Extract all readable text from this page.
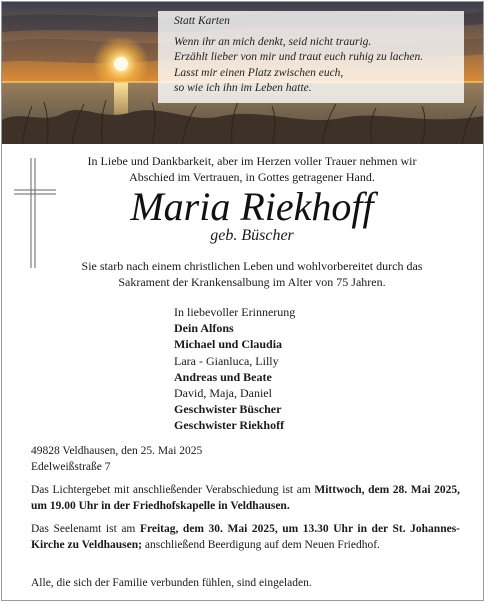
Statt Karten
Wenn ihr an mich denkt, seid nicht traurig.
Erzählt lieber von mir und traut euch ruhig zu lachen.
Lasst mir einen Platz zwischen euch,
so wie ich ihn im Leben hatte.
In Liebe und Dankbarkeit, aber im Herzen voller Trauer nehmen wir
Abschied im Vertrauen, in Gottes getragener Hand.
Maria Riekhoff
geb. Büscher
Sie starb nach einem christlichen Leben und wohlvorbereitet durch das
Sakrament der Krankensalbung im Alter von 75 Jahren.
In liebevoller Erinnerung
Dein Alfons
Michael und Claudia
Lara - Gianluca, Lilly
Andreas und Beate
David, Maja, Daniel
Geschwister Büscher
Geschwister Riekhoff
49828 Veldhausen, den 25. Mai 2025
Edelweißstraße 7
Das Lichtergebet mit anschließender Verabschiedung ist am Mittwoch, dem 28. Mai 2025, um 19.00 Uhr in der Friedhofskapelle in Veldhausen.
Das Seelenamt ist am Freitag, dem 30. Mai 2025, um 13.30 Uhr in der St. Johannes-Kirche zu Veldhausen; anschließend Beerdigung auf dem Neuen Friedhof.
Alle, die sich der Familie verbunden fühlen, sind eingeladen.
